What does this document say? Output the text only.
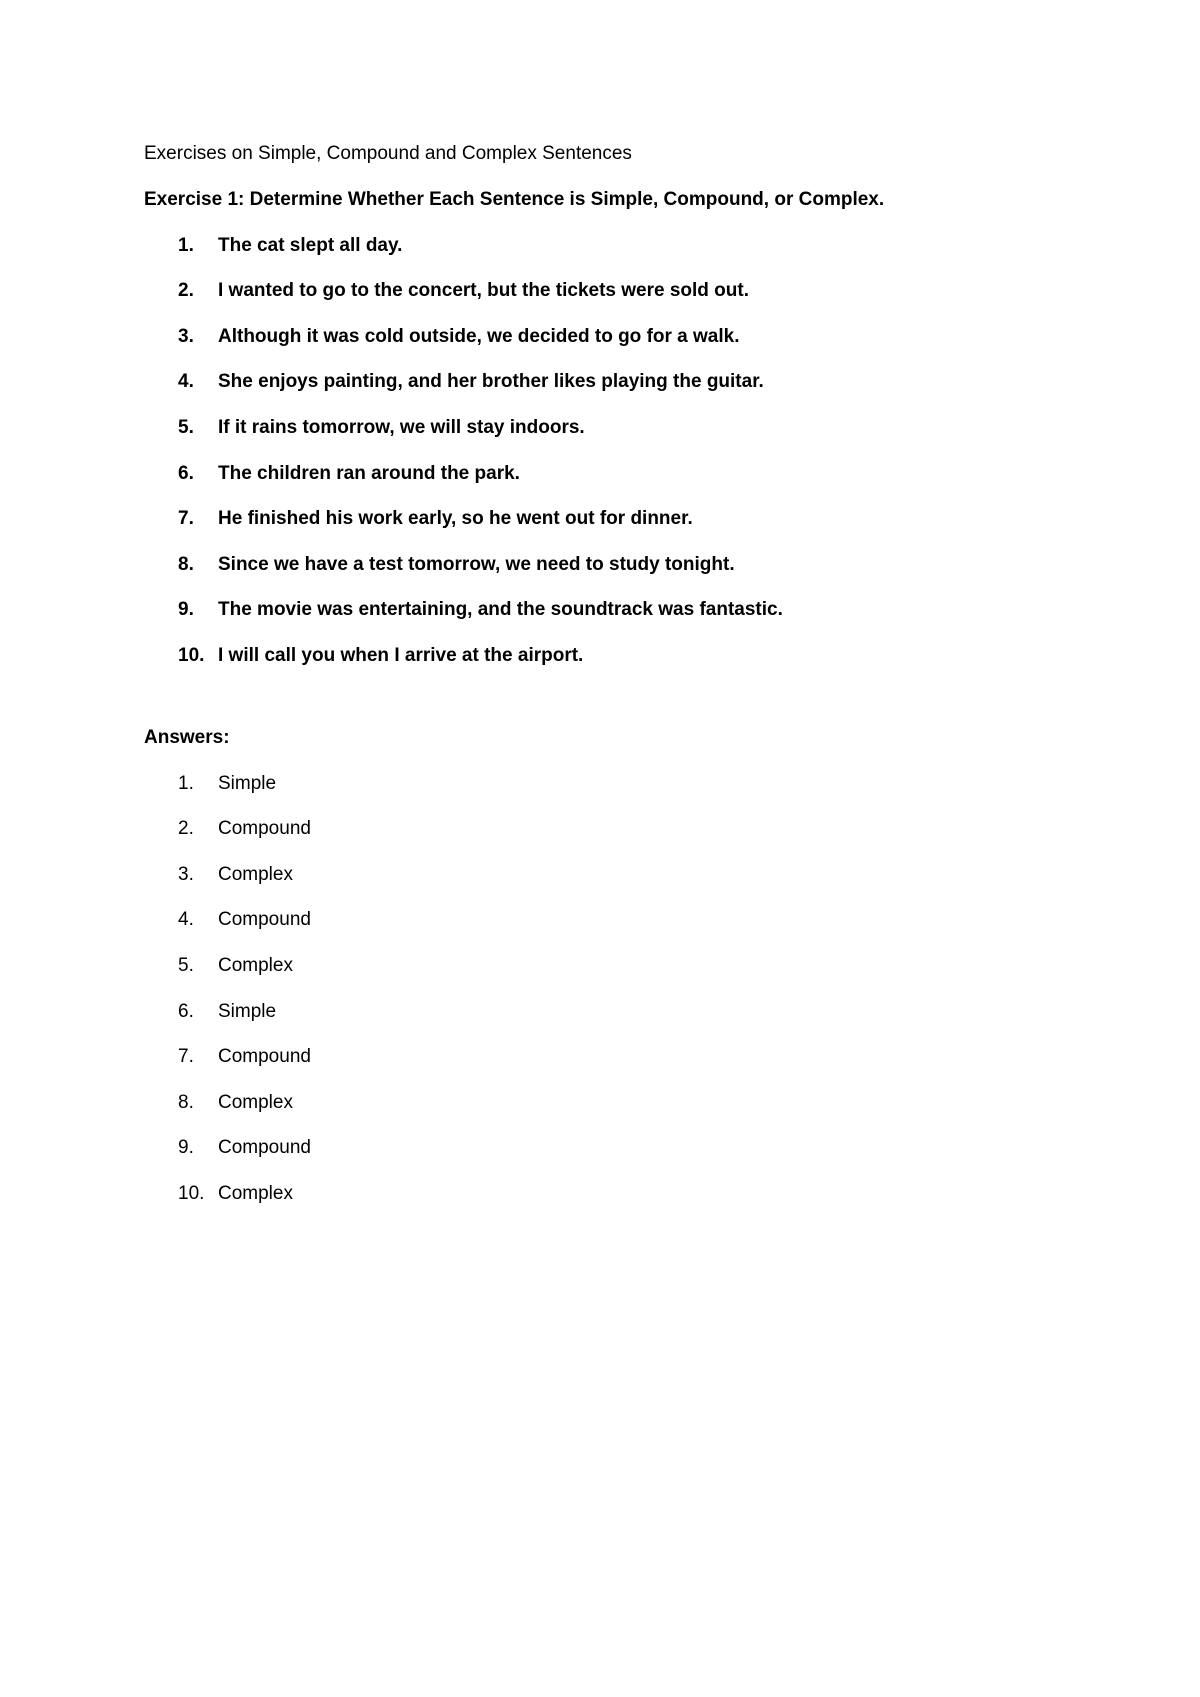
Exercises on Simple, Compound and Complex Sentences

Exercise 1: Determine Whether Each Sentence is Simple, Compound, or Complex.

1.	The cat slept all day.
2.	I wanted to go to the concert, but the tickets were sold out.
3.	Although it was cold outside, we decided to go for a walk.
4.	She enjoys painting, and her brother likes playing the guitar.
5.	If it rains tomorrow, we will stay indoors.
6.	The children ran around the park.
7.	He finished his work early, so he went out for dinner.
8.	Since we have a test tomorrow, we need to study tonight.
9.	The movie was entertaining, and the soundtrack was fantastic.
10. I will call you when I arrive at the airport.

Answers:

1.	Simple
2.	Compound
3.	Complex
4.	Compound
5.	Complex
6.	Simple
7.	Compound
8.	Complex
9.	Compound
10. Complex
